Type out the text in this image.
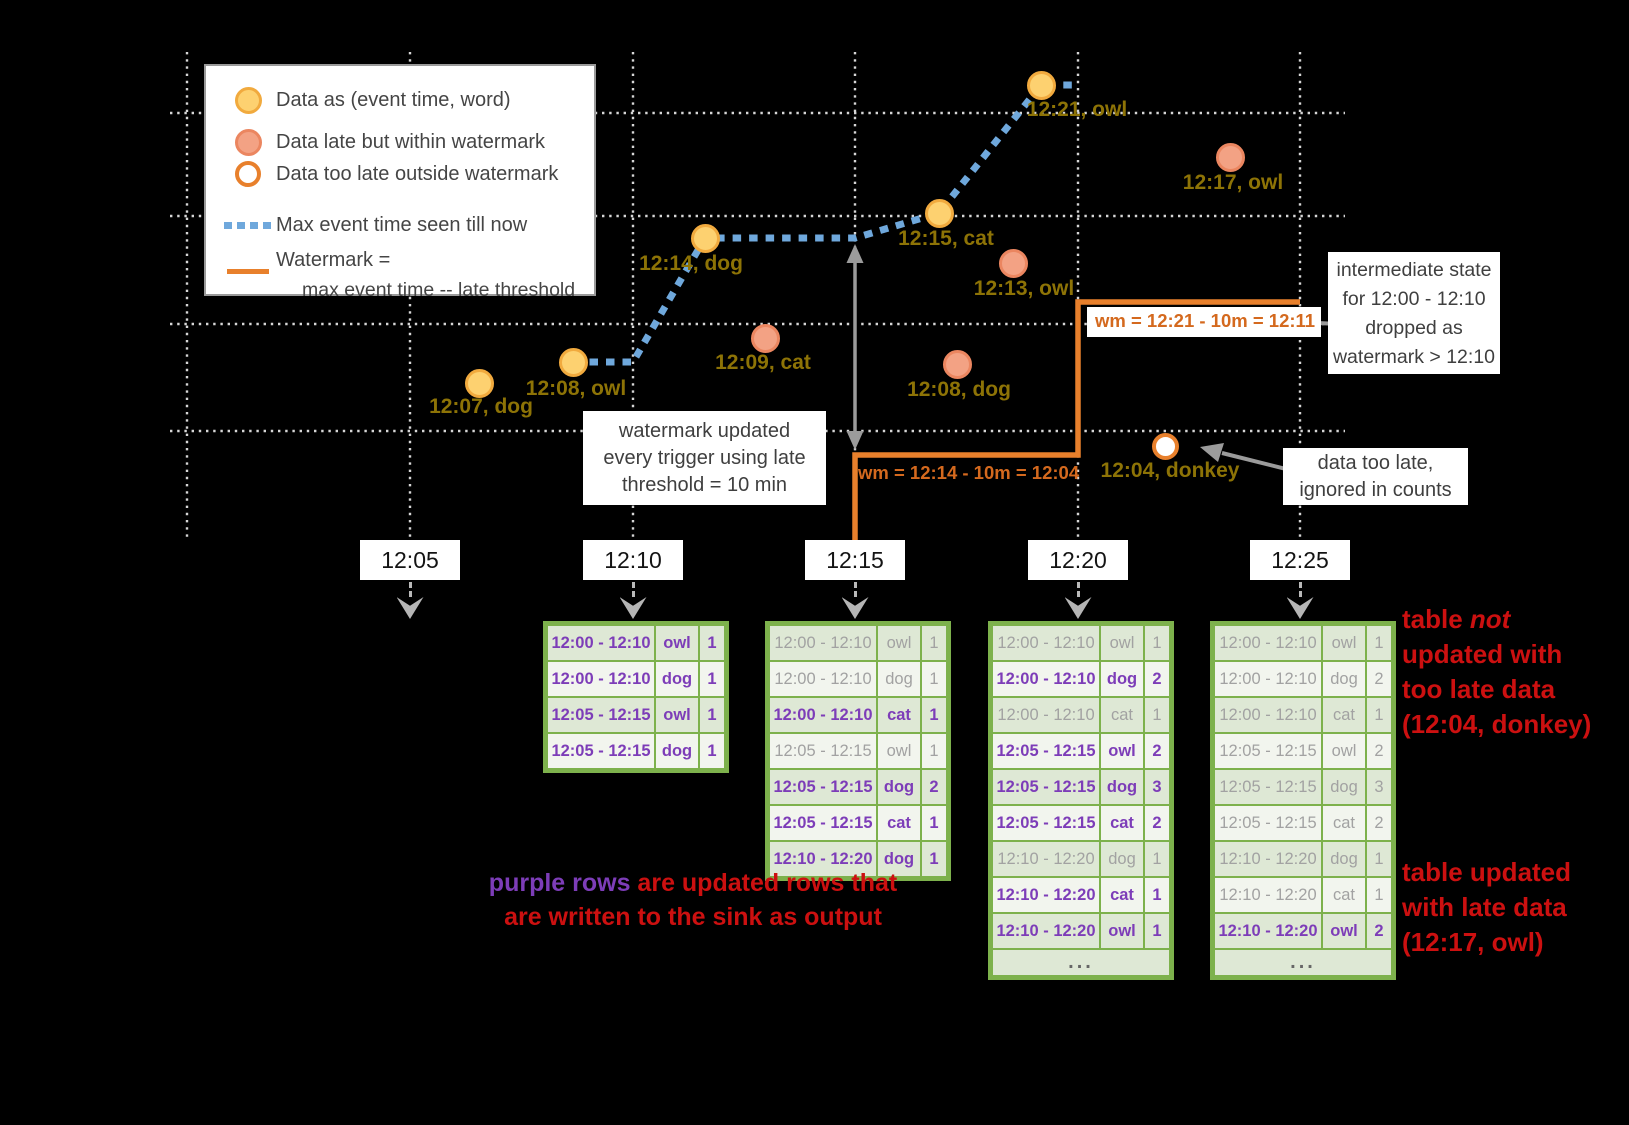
12:07, dog
12:08, owl
12:14, dog
12:15, cat
12:21, owl
12:09, cat
12:08, dog
12:13, owl
12:17, owl
12:04, donkey
Data as (event time, word)
Data late but within watermark
Data too late outside watermark
Max event time seen till now
Watermark =
max event time -- late threshold
wm = 12:14 - 10m = 12:04
wm = 12:21 - 10m = 12:11
watermark updated
every trigger using late
threshold = 10 min
intermediate state
for 12:00 - 12:10
dropped as
watermark > 12:10
data too late,
ignored in counts
12:05	12:10	12:15	12:20	12:25
12:00 - 12:10	owl	1
12:00 - 12:10	dog	1
12:05 - 12:15	owl	1
12:05 - 12:15	dog	1
12:00 - 12:10	owl	1
12:00 - 12:10	dog	1
12:00 - 12:10	cat	1
12:05 - 12:15	owl	1
12:05 - 12:15	dog	2
12:05 - 12:15	cat	1
12:10 - 12:20	dog	1
12:00 - 12:10	owl	1
12:00 - 12:10	dog	2
12:00 - 12:10	cat	1
12:05 - 12:15	owl	2
12:05 - 12:15	dog	3
12:05 - 12:15	cat	2
12:10 - 12:20	dog	1
12:10 - 12:20	cat	1
12:10 - 12:20	owl	1
...		
12:00 - 12:10	owl	1
12:00 - 12:10	dog	2
12:00 - 12:10	cat	1
12:05 - 12:15	owl	2
12:05 - 12:15	dog	3
12:05 - 12:15	cat	2
12:10 - 12:20	dog	1
12:10 - 12:20	cat	1
12:10 - 12:20	owl	2
...		
purple rows are updated rows that
are written to the sink as output
table not
updated with
too late data
(12:04, donkey)
table updated
with late data
(12:17, owl)
